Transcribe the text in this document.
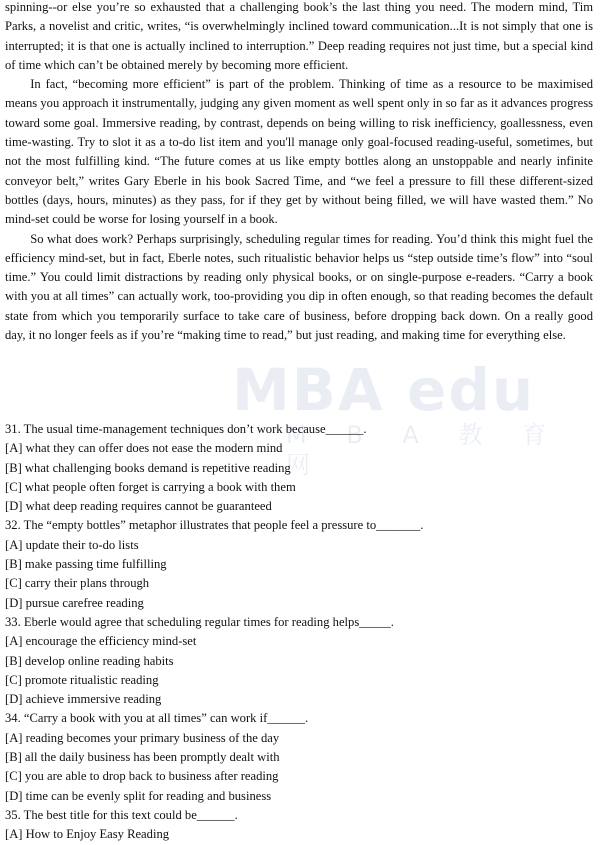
MBA edu
M B A 教 育 网

spinning--or else you’re so exhausted that a challenging book’s the last thing you need. The modern mind, Tim Parks, a novelist and critic, writes, “is overwhelmingly inclined toward communication...It is not simply that one is interrupted; it is that one is actually inclined to interruption.” Deep reading requires not just time, but a special kind of time which can’t be obtained merely by becoming more efficient.

In fact, “becoming more efficient” is part of the problem. Thinking of time as a resource to be maximised means you approach it instrumentally, judging any given moment as well spent only in so far as it advances progress toward some goal. Immersive reading, by contrast, depends on being willing to risk inefficiency, goallessness, even time-wasting. Try to slot it as a to-do list item and you'll manage only goal-focused reading-useful, sometimes, but not the most fulfilling kind. “The future comes at us like empty bottles along an unstoppable and nearly infinite conveyor belt,” writes Gary Eberle in his book Sacred Time, and “we feel a pressure to fill these different-sized bottles (days, hours, minutes) as they pass, for if they get by without being filled, we will have wasted them.” No mind-set could be worse for losing yourself in a book.

So what does work? Perhaps surprisingly, scheduling regular times for reading. You’d think this might fuel the efficiency mind-set, but in fact, Eberle notes, such ritualistic behavior helps us “step outside time’s flow” into “soul time.” You could limit distractions by reading only physical books, or on single-purpose e-readers. “Carry a book with you at all times” can actually work, too-providing you dip in often enough, so that reading becomes the default state from which you temporarily surface to take care of business, before dropping back down. On a really good day, it no longer feels as if you’re “making time to read,” but just reading, and making time for everything else.

31. The usual time-management techniques don’t work because______.

[A] what they can offer does not ease the modern mind

[B] what challenging books demand is repetitive reading

[C] what people often forget is carrying a book with them

[D] what deep reading requires cannot be guaranteed

32. The “empty bottles” metaphor illustrates that people feel a pressure to_______.

[A] update their to-do lists

[B] make passing time fulfilling

[C] carry their plans through

[D] pursue carefree reading

33. Eberle would agree that scheduling regular times for reading helps_____.

[A] encourage the efficiency mind-set

[B] develop online reading habits

[C] promote ritualistic reading

[D] achieve immersive reading

34. “Carry a book with you at all times” can work if______.

[A] reading becomes your primary business of the day

[B] all the daily business has been promptly dealt with

[C] you are able to drop back to business after reading

[D] time can be evenly split for reading and business

35. The best title for this text could be______.

[A] How to Enjoy Easy Reading
